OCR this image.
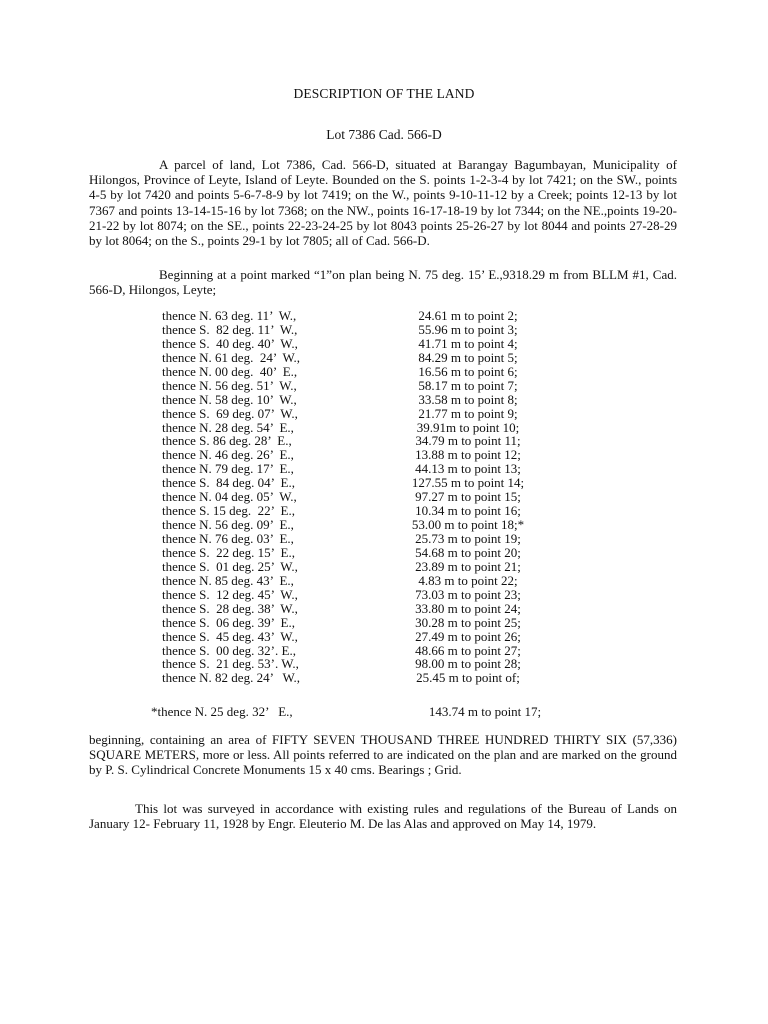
DESCRIPTION OF THE LAND
Lot 7386 Cad. 566-D

A parcel of land, Lot 7386, Cad. 566-D, situated at Barangay Bagumbayan, Municipality of Hilongos, Province of Leyte, Island of Leyte. Bounded on the S. points 1-2-3-4 by lot 7421; on the SW., points 4-5 by lot 7420 and points 5-6-7-8-9 by lot 7419; on the W., points 9-10-11-12 by a Creek; points 12-13 by lot 7367 and points 13-14-15-16 by lot 7368; on the NW., points 16-17-18-19 by lot 7344; on the NE.,points 19-20-21-22 by lot 8074; on the SE., points 22-23-24-25 by lot 8043 points 25-26-27 by lot 8044 and points 27-28-29 by lot 8064; on the S., points 29-1 by lot 7805; all of Cad. 566-D.

Beginning at a point marked “1”on plan being N. 75 deg. 15’ E.,9318.29 m from BLLM #1, Cad. 566-D, Hilongos, Leyte;

thence N. 63 deg. 11’  W.,	24.61 m to point 2;
thence S.  82 deg. 11’  W.,	55.96 m to point 3;
thence S.  40 deg. 40’  W.,	41.71 m to point 4;
thence N. 61 deg.  24’  W.,	84.29 m to point 5;
thence N. 00 deg.  40’  E.,	16.56 m to point 6;
thence N. 56 deg. 51’  W.,	58.17 m to point 7;
thence N. 58 deg. 10’  W.,	33.58 m to point 8;
thence S.  69 deg. 07’  W.,	21.77 m to point 9;
thence N. 28 deg. 54’  E.,	39.91m to point 10;
thence S. 86 deg. 28’  E.,	34.79 m to point 11;
thence N. 46 deg. 26’  E.,	13.88 m to point 12;
thence N. 79 deg. 17’  E.,	44.13 m to point 13;
thence S.  84 deg. 04’  E.,	127.55 m to point 14;
thence N. 04 deg. 05’  W.,	97.27 m to point 15;
thence S. 15 deg.  22’  E.,	10.34 m to point 16;
thence N. 56 deg. 09’  E.,	53.00 m to point 18;*
thence N. 76 deg. 03’  E.,	25.73 m to point 19;
thence S.  22 deg. 15’  E.,	54.68 m to point 20;
thence S.  01 deg. 25’  W.,	23.89 m to point 21;
thence N. 85 deg. 43’  E.,	4.83 m to point 22;
thence S.  12 deg. 45’  W.,	73.03 m to point 23;
thence S.  28 deg. 38’  W.,	33.80 m to point 24;
thence S.  06 deg. 39’  E.,	30.28 m to point 25;
thence S.  45 deg. 43’  W.,	27.49 m to point 26;
thence S.  00 deg. 32’. E.,	48.66 m to point 27;
thence S.  21 deg. 53’. W.,	98.00 m to point 28;
thence N. 82 deg. 24’   W.,	25.45 m to point of;
*thence N. 25 deg. 32’   E.,	143.74 m to point 17;

beginning, containing an area of FIFTY SEVEN THOUSAND THREE HUNDRED THIRTY SIX (57,336) SQUARE METERS, more or less. All points referred to are indicated on the plan and are marked on the ground by P. S. Cylindrical Concrete Monuments 15 x 40 cms. Bearings ; Grid.

This lot was surveyed in accordance with existing rules and regulations of the Bureau of Lands on January 12- February 11, 1928 by Engr. Eleuterio M. De las Alas and approved on May 14, 1979.
